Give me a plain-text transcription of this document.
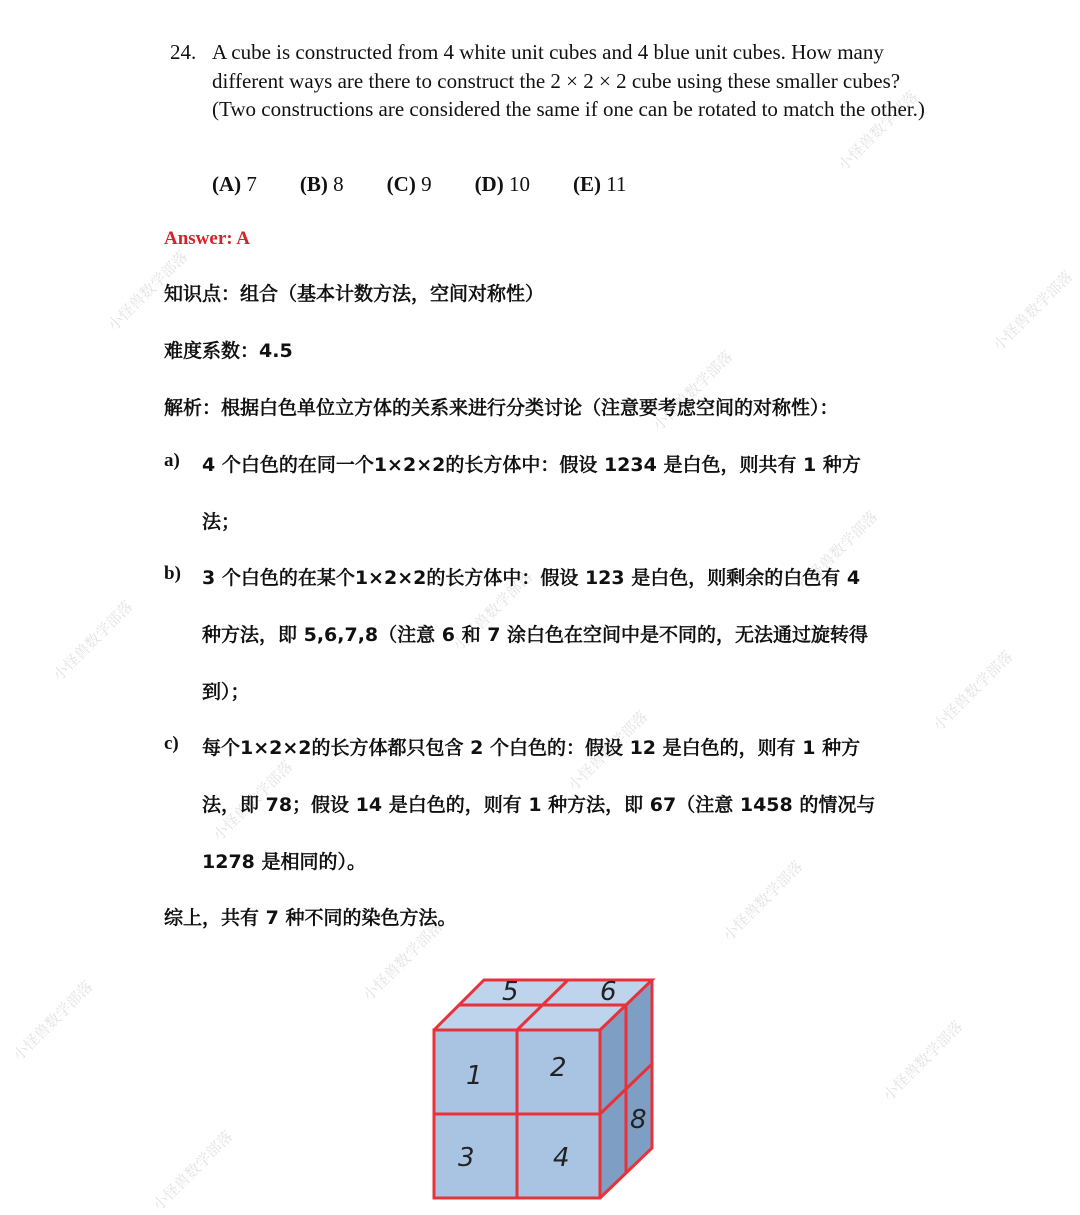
小怪兽数学部落
小怪兽数学部落	小怪兽数学部落
小怪兽数学部落
小怪兽数学部落
小怪兽数学部落
小怪兽数学部落
小怪兽数学部落
小怪兽数学部落
小怪兽数学部落
小怪兽数学部落
小怪兽数学部落
小怪兽数学部落	小怪兽数学部落
小怪兽数学部落
24. A cube is constructed from 4 white unit cubes and 4 blue unit cubes. How many different ways are there to construct the 2 × 2 × 2 cube using these smaller cubes? (Two constructions are considered the same if one can be rotated to match the other.)
(A) 7 (B) 8 (C) 9 (D) 10 (E) 11
Answer: A
知识点：组合（基本计数方法，空间对称性）
难度系数：4.5
解析：根据白色单位立方体的关系来进行分类讨论（注意要考虑空间的对称性）：
a) 4 个白色的在同一个1×2×2的长方体中：假设 1234 是白色，则共有 1 种方
法；
b) 3 个白色的在某个1×2×2的长方体中：假设 123 是白色，则剩余的白色有 4
种方法，即 5,6,7,8（注意 6 和 7 涂白色在空间中是不同的，无法通过旋转得
到）；
c) 每个1×2×2的长方体都只包含 2 个白色的：假设 12 是白色的，则有 1 种方
法，即 78；假设 14 是白色的，则有 1 种方法，即 67（注意 1458 的情况与
1278 是相同的）。
综上，共有 7 种不同的染色方法。
1	2
3	4
5	6
8
